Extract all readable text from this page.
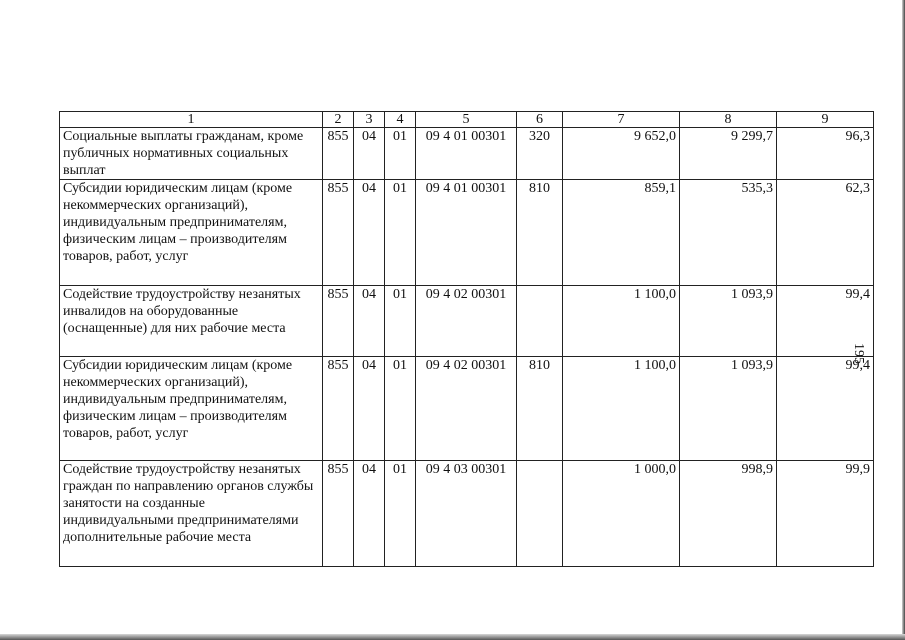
195
1	2	3	4	5	6	7	8	9
Социальные выплаты гражданам, кроме публичных нормативных социальных выплат	855	04	01	09 4 01 00301	320	9 652,0	9 299,7	96,3
Субсидии юридическим лицам (кроме некоммерческих организаций), индивидуальным предпринимателям, физическим лицам – производителям товаров, работ, услуг	855	04	01	09 4 01 00301	810	859,1	535,3	62,3
Содействие трудоустройству незанятых инвалидов на оборудованные (оснащенные) для них рабочие места	855	04	01	09 4 02 00301		1 100,0	1 093,9	99,4
Субсидии юридическим лицам (кроме некоммерческих организаций), индивидуальным предпринимателям, физическим лицам – производителям товаров, работ, услуг	855	04	01	09 4 02 00301	810	1 100,0	1 093,9	99,4
Содействие трудоустройству незанятых граждан по направлению органов службы занятости на созданные индивидуальными предпринимателями дополнительные рабочие места	855	04	01	09 4 03 00301		1 000,0	998,9	99,9
